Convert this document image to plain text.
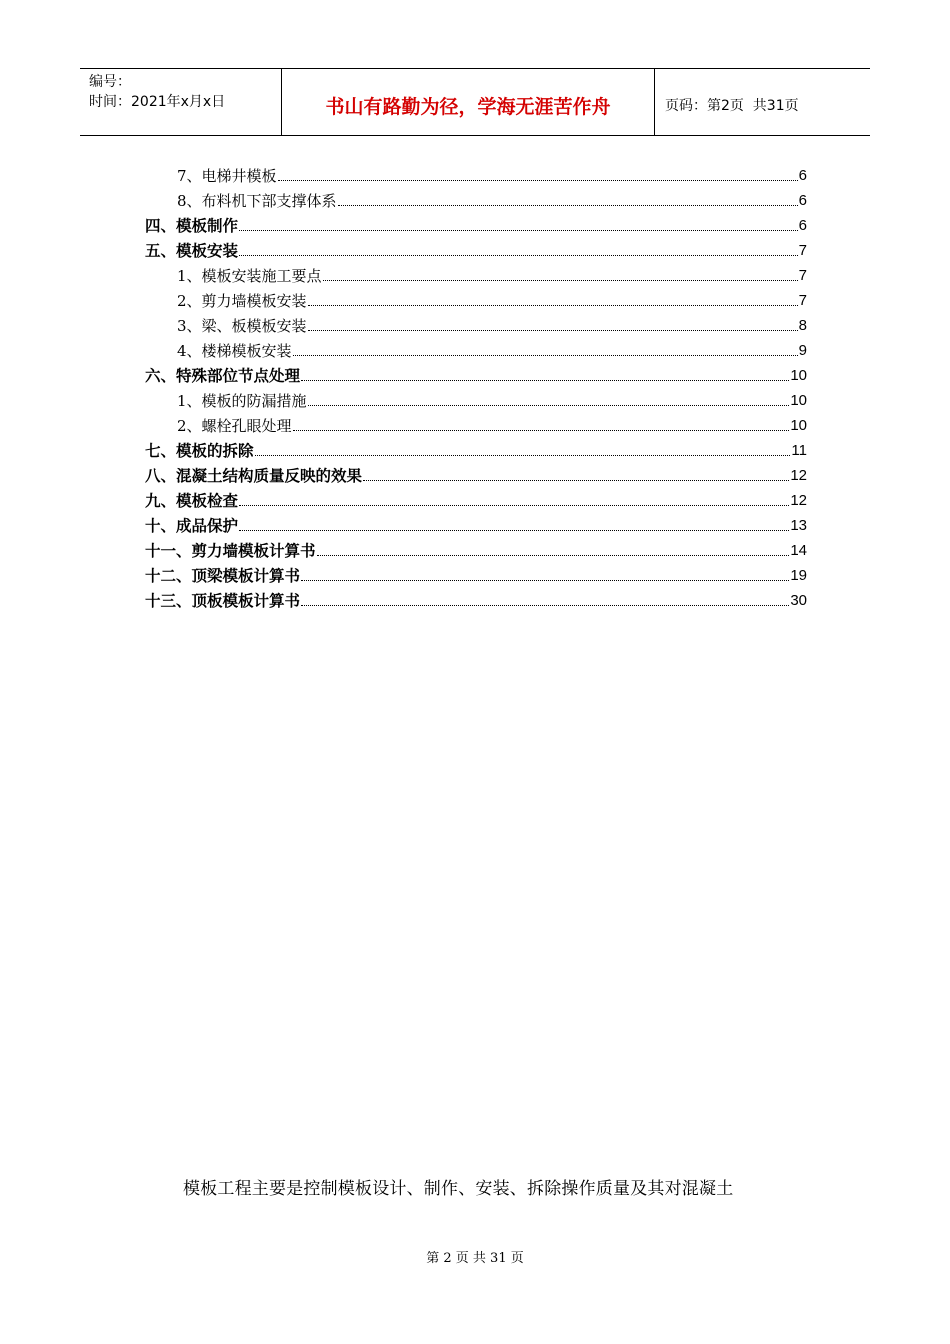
编号：
时间：2021年x月x日	书山有路勤为径，学海无涯苦作舟	页码：第2页  共31页
7、电梯井模板	6
8、布料机下部支撑体系	6
四、模板制作	6
五、模板安装	7
1、模板安装施工要点	7
2、剪力墙模板安装	7
3、梁、板模板安装	8
4、楼梯模板安装	9
六、特殊部位节点处理	10
1、模板的防漏措施	10
2、螺栓孔眼处理	10
七、模板的拆除	11
八、混凝土结构质量反映的效果	12
九、模板检查	12
十、成品保护	13
十一、剪力墙模板计算书	14
十二、顶梁模板计算书	19
十三、顶板模板计算书	30
模板工程主要是控制模板设计、制作、安装、拆除操作质量及其对混凝土
第 2 页 共 31 页
